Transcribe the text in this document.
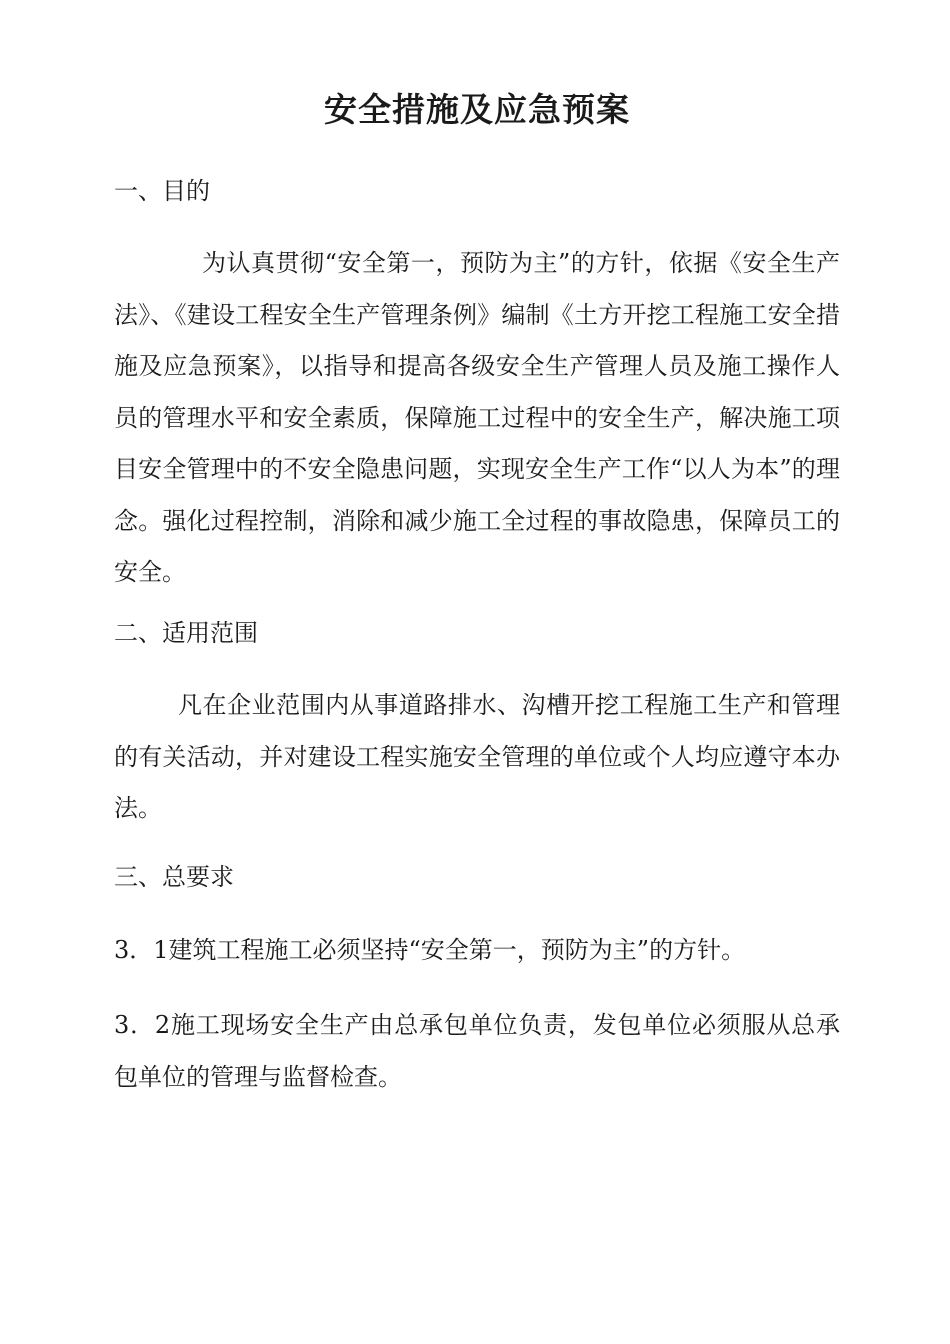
安全措施及应急预案
一、目的

为认真贯彻“安全第一，预防为主”的方针，依据《安全生产法》、《建设工程安全生产管理条例》编制《土方开挖工程施工安全措施及应急预案》，以指导和提高各级安全生产管理人员及施工操作人员的管理水平和安全素质，保障施工过程中的安全生产，解决施工项目安全管理中的不安全隐患问题，实现安全生产工作“以人为本”的理念。强化过程控制，消除和减少施工全过程的事故隐患，保障员工的安全。

二、适用范围

凡在企业范围内从事道路排水、沟槽开挖工程施工生产和管理的有关活动，并对建设工程实施安全管理的单位或个人均应遵守本办法。

三、总要求

3．1建筑工程施工必须坚持“安全第一，预防为主”的方针。

3．2施工现场安全生产由总承包单位负责，发包单位必须服从总承包单位的管理与监督检查。
